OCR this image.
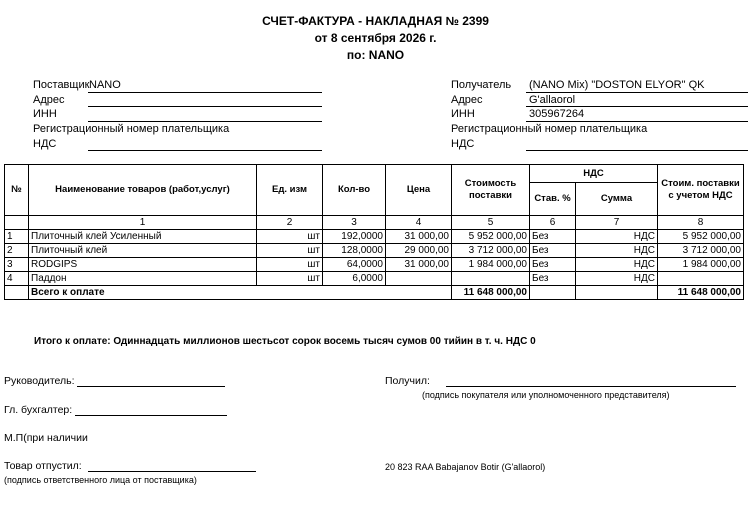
СЧЕТ-ФАКТУРА - НАКЛАДНАЯ № 2399
от 8 сентября 2026 г.
по: NANO
Поставщик NANO
Адрес
ИНН
Регистрационный номер плательщика
НДС
Получатель (NANO Mix) "DOSTON ELYOR" QK
Адрес	G'allaorol
ИНН	305967264
Регистрационный номер плательщика
НДС
№	Наименование товаров (работ,услуг)	Ед. изм	Кол-во	Цена	Стоимость поставки	НДС		Стоим. поставки с учетом НДС
						Став. %	Сумма	
	1	2	3	4	5	6	7	8
1	Плиточный клей Усиленный	шт	192,0000	31 000,00	5 952 000,00	Без	НДС	5 952 000,00
2	Плиточный клей	шт	128,0000	29 000,00	3 712 000,00	Без	НДС	3 712 000,00
3	RODGIPS	шт	64,0000	31 000,00	1 984 000,00	Без	НДС	1 984 000,00
4	Паддон	шт	6,0000			Без	НДС	
	Всего к оплате				11 648 000,00			11 648 000,00
Итого к оплате: Одиннадцать миллионов шестьсот сорок восемь тысяч сумов 00 тийин в т. ч. НДС 0
Руководитель:	Получил:
(подпись покупателя или уполномоченного представителя)
Гл. бухгалтер:
М.П(при наличии
Товар отпустил:
(подпись ответственного лица от поставщика)
20 823 RAA Babajanov Botir (G'allaorol)
